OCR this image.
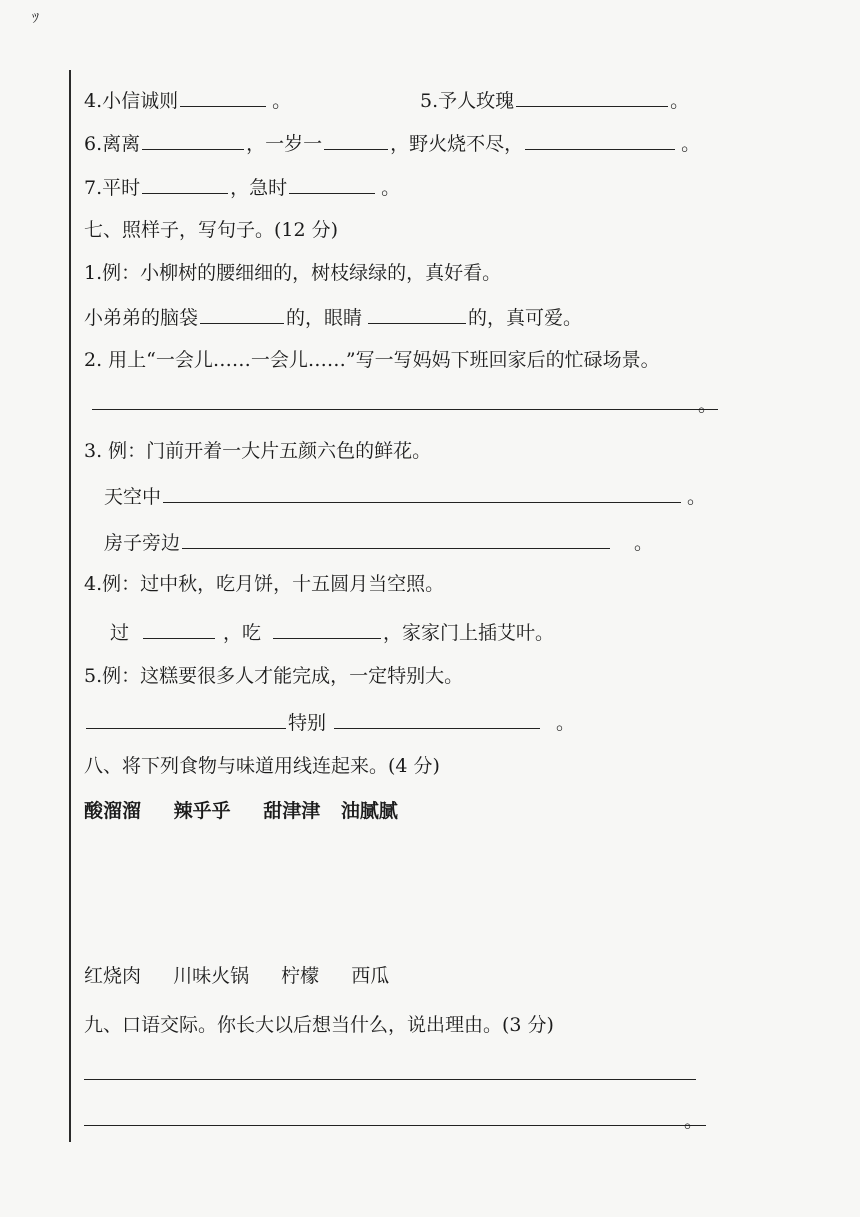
ﾂ
4.小信诚则	。	5.予人玫瑰	。
6.离离	，一岁一	，野火烧不尽，	。
7.平时	，急时	。
七、照样子，写句子。(12 分)
1.例：小柳树的腰细细的，树枝绿绿的，真好看。
小弟弟的脑袋	的，眼睛	的，真可爱。
2. 用上“一会儿……一会儿……”写一写妈妈下班回家后的忙碌场景。
。
3. 例：门前开着一大片五颜六色的鲜花。
天空中	。
房子旁边	。
4.例：过中秋，吃月饼，十五圆月当空照。
过	，吃	，家家门上插艾叶。
5.例：这糕要很多人才能完成，一定特别大。
特别	。
八、将下列食物与味道用线连起来。(4 分)
酸溜溜 辣乎乎 甜津津 油腻腻
红烧肉 川味火锅 柠檬 西瓜
九、口语交际。你长大以后想当什么，说出理由。(3 分)
。
